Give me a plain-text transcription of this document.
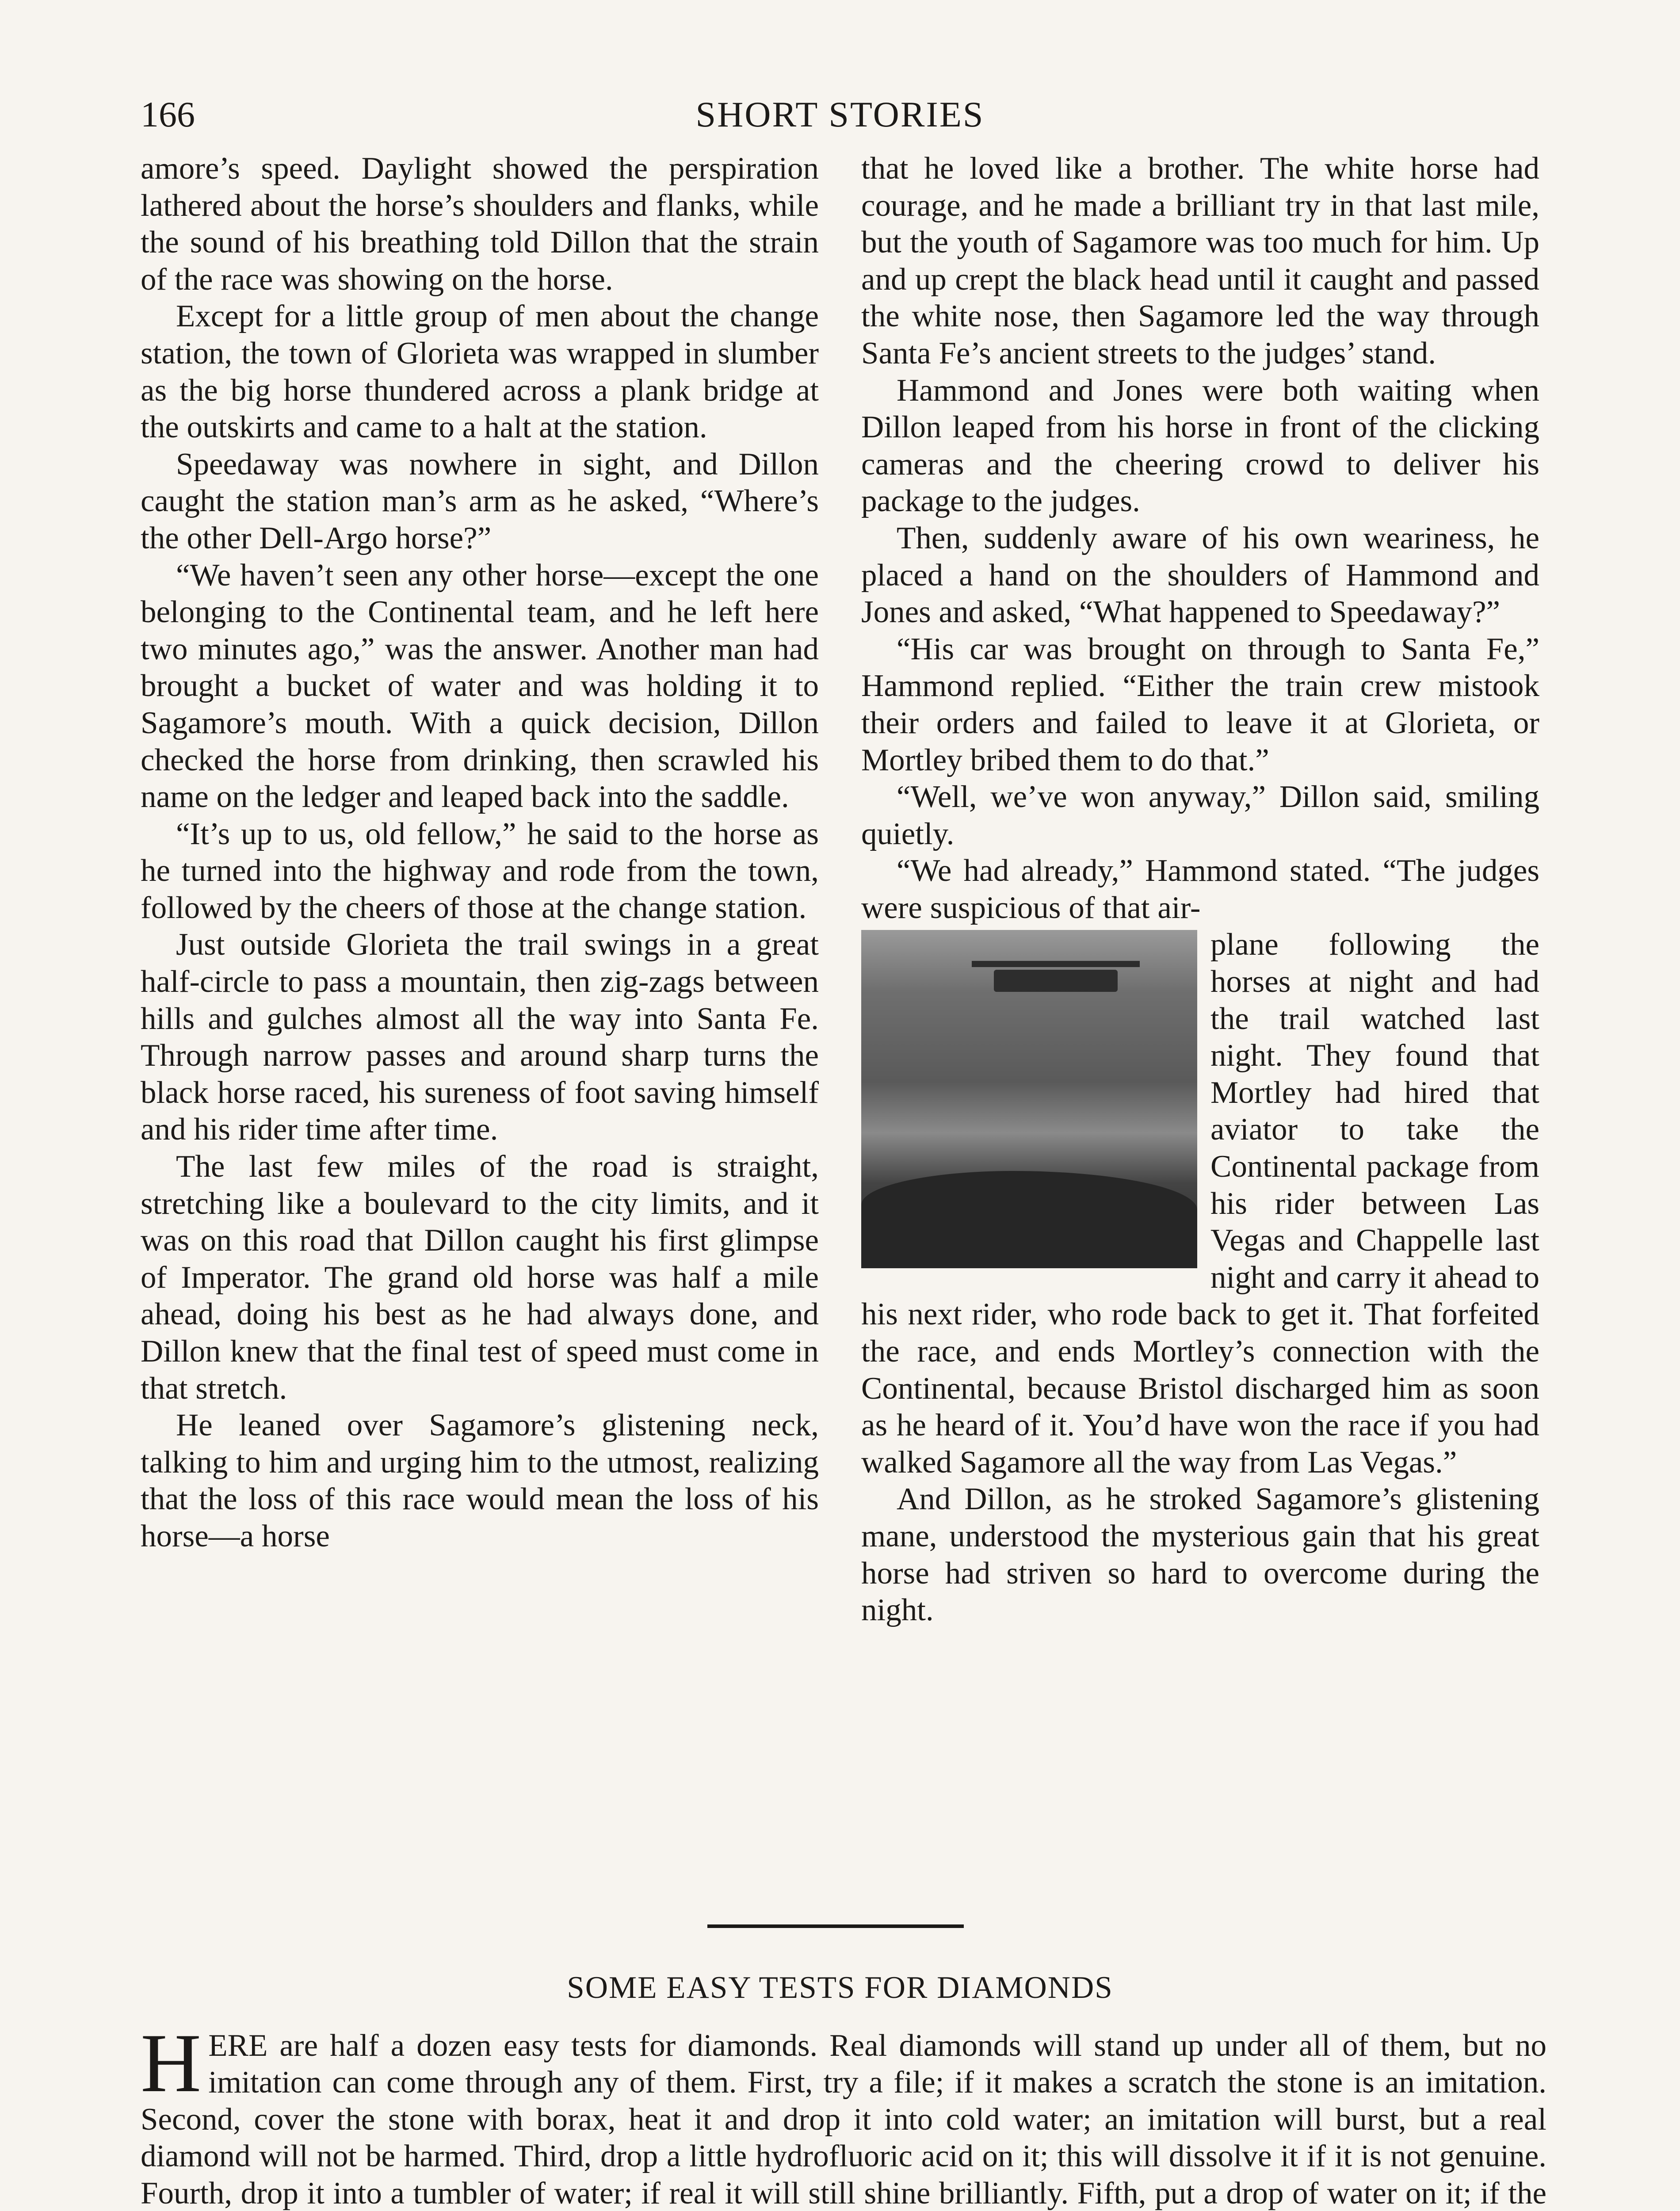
166	SHORT STORIES

amore’s speed. Daylight showed the perspiration lathered about the horse’s shoulders and flanks, while the sound of his breathing told Dillon that the strain of the race was showing on the horse.

Except for a little group of men about the change station, the town of Glorieta was wrapped in slumber as the big horse thundered across a plank bridge at the outskirts and came to a halt at the station.

Speedaway was nowhere in sight, and Dillon caught the station man’s arm as he asked, “Where’s the other Dell-Argo horse?”

“We haven’t seen any other horse—except the one belonging to the Continental team, and he left here two minutes ago,” was the answer. Another man had brought a bucket of water and was holding it to Sagamore’s mouth. With a quick decision, Dillon checked the horse from drinking, then scrawled his name on the ledger and leaped back into the saddle.

“It’s up to us, old fellow,” he said to the horse as he turned into the highway and rode from the town, followed by the cheers of those at the change station.

Just outside Glorieta the trail swings in a great half-circle to pass a mountain, then zig-zags between hills and gulches almost all the way into Santa Fe. Through narrow passes and around sharp turns the black horse raced, his sureness of foot saving himself and his rider time after time.

The last few miles of the road is straight, stretching like a boulevard to the city limits, and it was on this road that Dillon caught his first glimpse of Imperator. The grand old horse was half a mile ahead, doing his best as he had always done, and Dillon knew that the final test of speed must come in that stretch.

He leaned over Sagamore’s glistening neck, talking to him and urging him to the utmost, realizing that the loss of this race would mean the loss of his horse—a horse

that he loved like a brother. The white horse had courage, and he made a brilliant try in that last mile, but the youth of Sagamore was too much for him. Up and up crept the black head until it caught and passed the white nose, then Sagamore led the way through Santa Fe’s ancient streets to the judges’ stand.

Hammond and Jones were both waiting when Dillon leaped from his horse in front of the clicking cameras and the cheering crowd to deliver his package to the judges.

Then, suddenly aware of his own weariness, he placed a hand on the shoulders of Hammond and Jones and asked, “What happened to Speedaway?”

“His car was brought on through to Santa Fe,” Hammond replied. “Either the train crew mistook their orders and failed to leave it at Glorieta, or Mortley bribed them to do that.”

“Well, we’ve won anyway,” Dillon said, smiling quietly.

“We had already,” Hammond stated. “The judges were suspicious of that air-

plane following the horses at night and had the trail watched last night. They found that Mortley had hired that aviator to take the Continental package from his rider between Las Vegas and Chappelle last night and carry it ahead to his next rider, who rode back to get it. That forfeited the race, and ends Mortley’s connection with the Continental, because Bristol discharged him as soon as he heard of it. You’d have won the race if you had walked Sagamore all the way from Las Vegas.”

And Dillon, as he stroked Sagamore’s glistening mane, understood the mysterious gain that his great horse had striven so hard to overcome during the night.

SOME EASY TESTS FOR DIAMONDS
HERE are half a dozen easy tests for diamonds. Real diamonds will stand up under all of them, but no imitation can come through any of them. First, try a file; if it makes a scratch the stone is an imitation. Second, cover the stone with borax, heat it and drop it into cold water; an imitation will burst, but a real diamond will not be harmed. Third, drop a little hydrofluoric acid on it; this will dissolve it if it is not genuine. Fourth, drop it into a tumbler of water; if real it will still shine brilliantly. Fifth, put a drop of water on it; if the
